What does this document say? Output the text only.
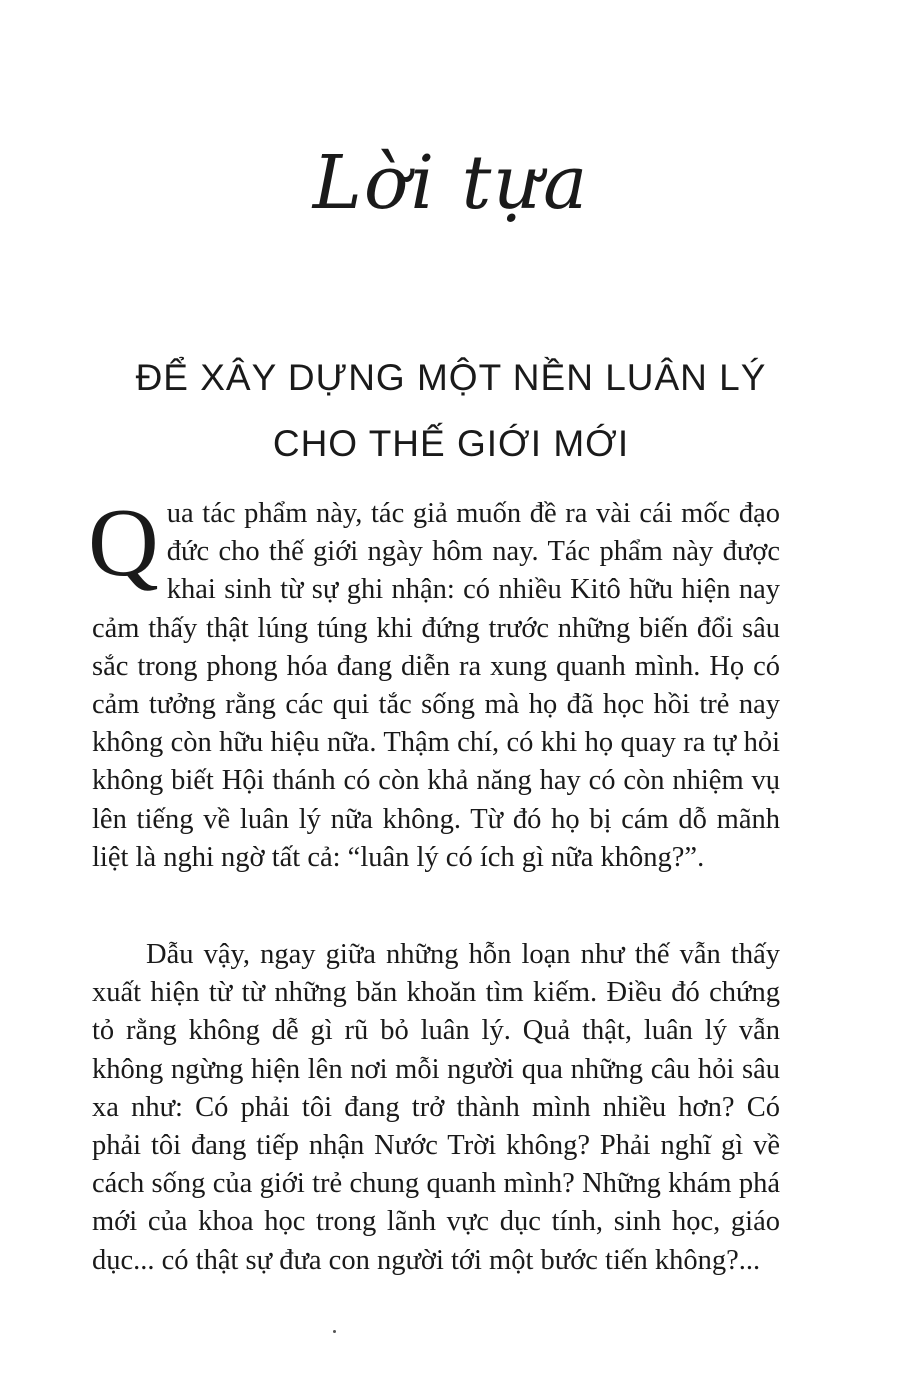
Lời tựa
ĐỂ XÂY DỰNG MỘT NỀN LUÂN LÝ
CHO THẾ GIỚI MỚI

Qua tác phẩm này, tác giả muốn đề ra vài cái mốc đạo đức cho thế giới ngày hôm nay. Tác phẩm này được khai sinh từ sự ghi nhận: có nhiều Kitô hữu hiện nay cảm thấy thật lúng túng khi đứng trước những biến đổi sâu sắc trong phong hóa đang diễn ra xung quanh mình. Họ có cảm tưởng rằng các qui tắc sống mà họ đã học hồi trẻ nay không còn hữu hiệu nữa. Thậm chí, có khi họ quay ra tự hỏi không biết Hội thánh có còn khả năng hay có còn nhiệm vụ lên tiếng về luân lý nữa không. Từ đó họ bị cám dỗ mãnh liệt là nghi ngờ tất cả: “luân lý có ích gì nữa không?”.

Dẫu vậy, ngay giữa những hỗn loạn như thế vẫn thấy xuất hiện từ từ những băn khoăn tìm kiếm. Điều đó chứng tỏ rằng không dễ gì rũ bỏ luân lý. Quả thật, luân lý vẫn không ngừng hiện lên nơi mỗi người qua những câu hỏi sâu xa như: Có phải tôi đang trở thành mình nhiều hơn? Có phải tôi đang tiếp nhận Nước Trời không? Phải nghĩ gì về cách sống của giới trẻ chung quanh mình? Những khám phá mới của khoa học trong lãnh vực dục tính, sinh học, giáo dục... có thật sự đưa con người tới một bước tiến không?...
